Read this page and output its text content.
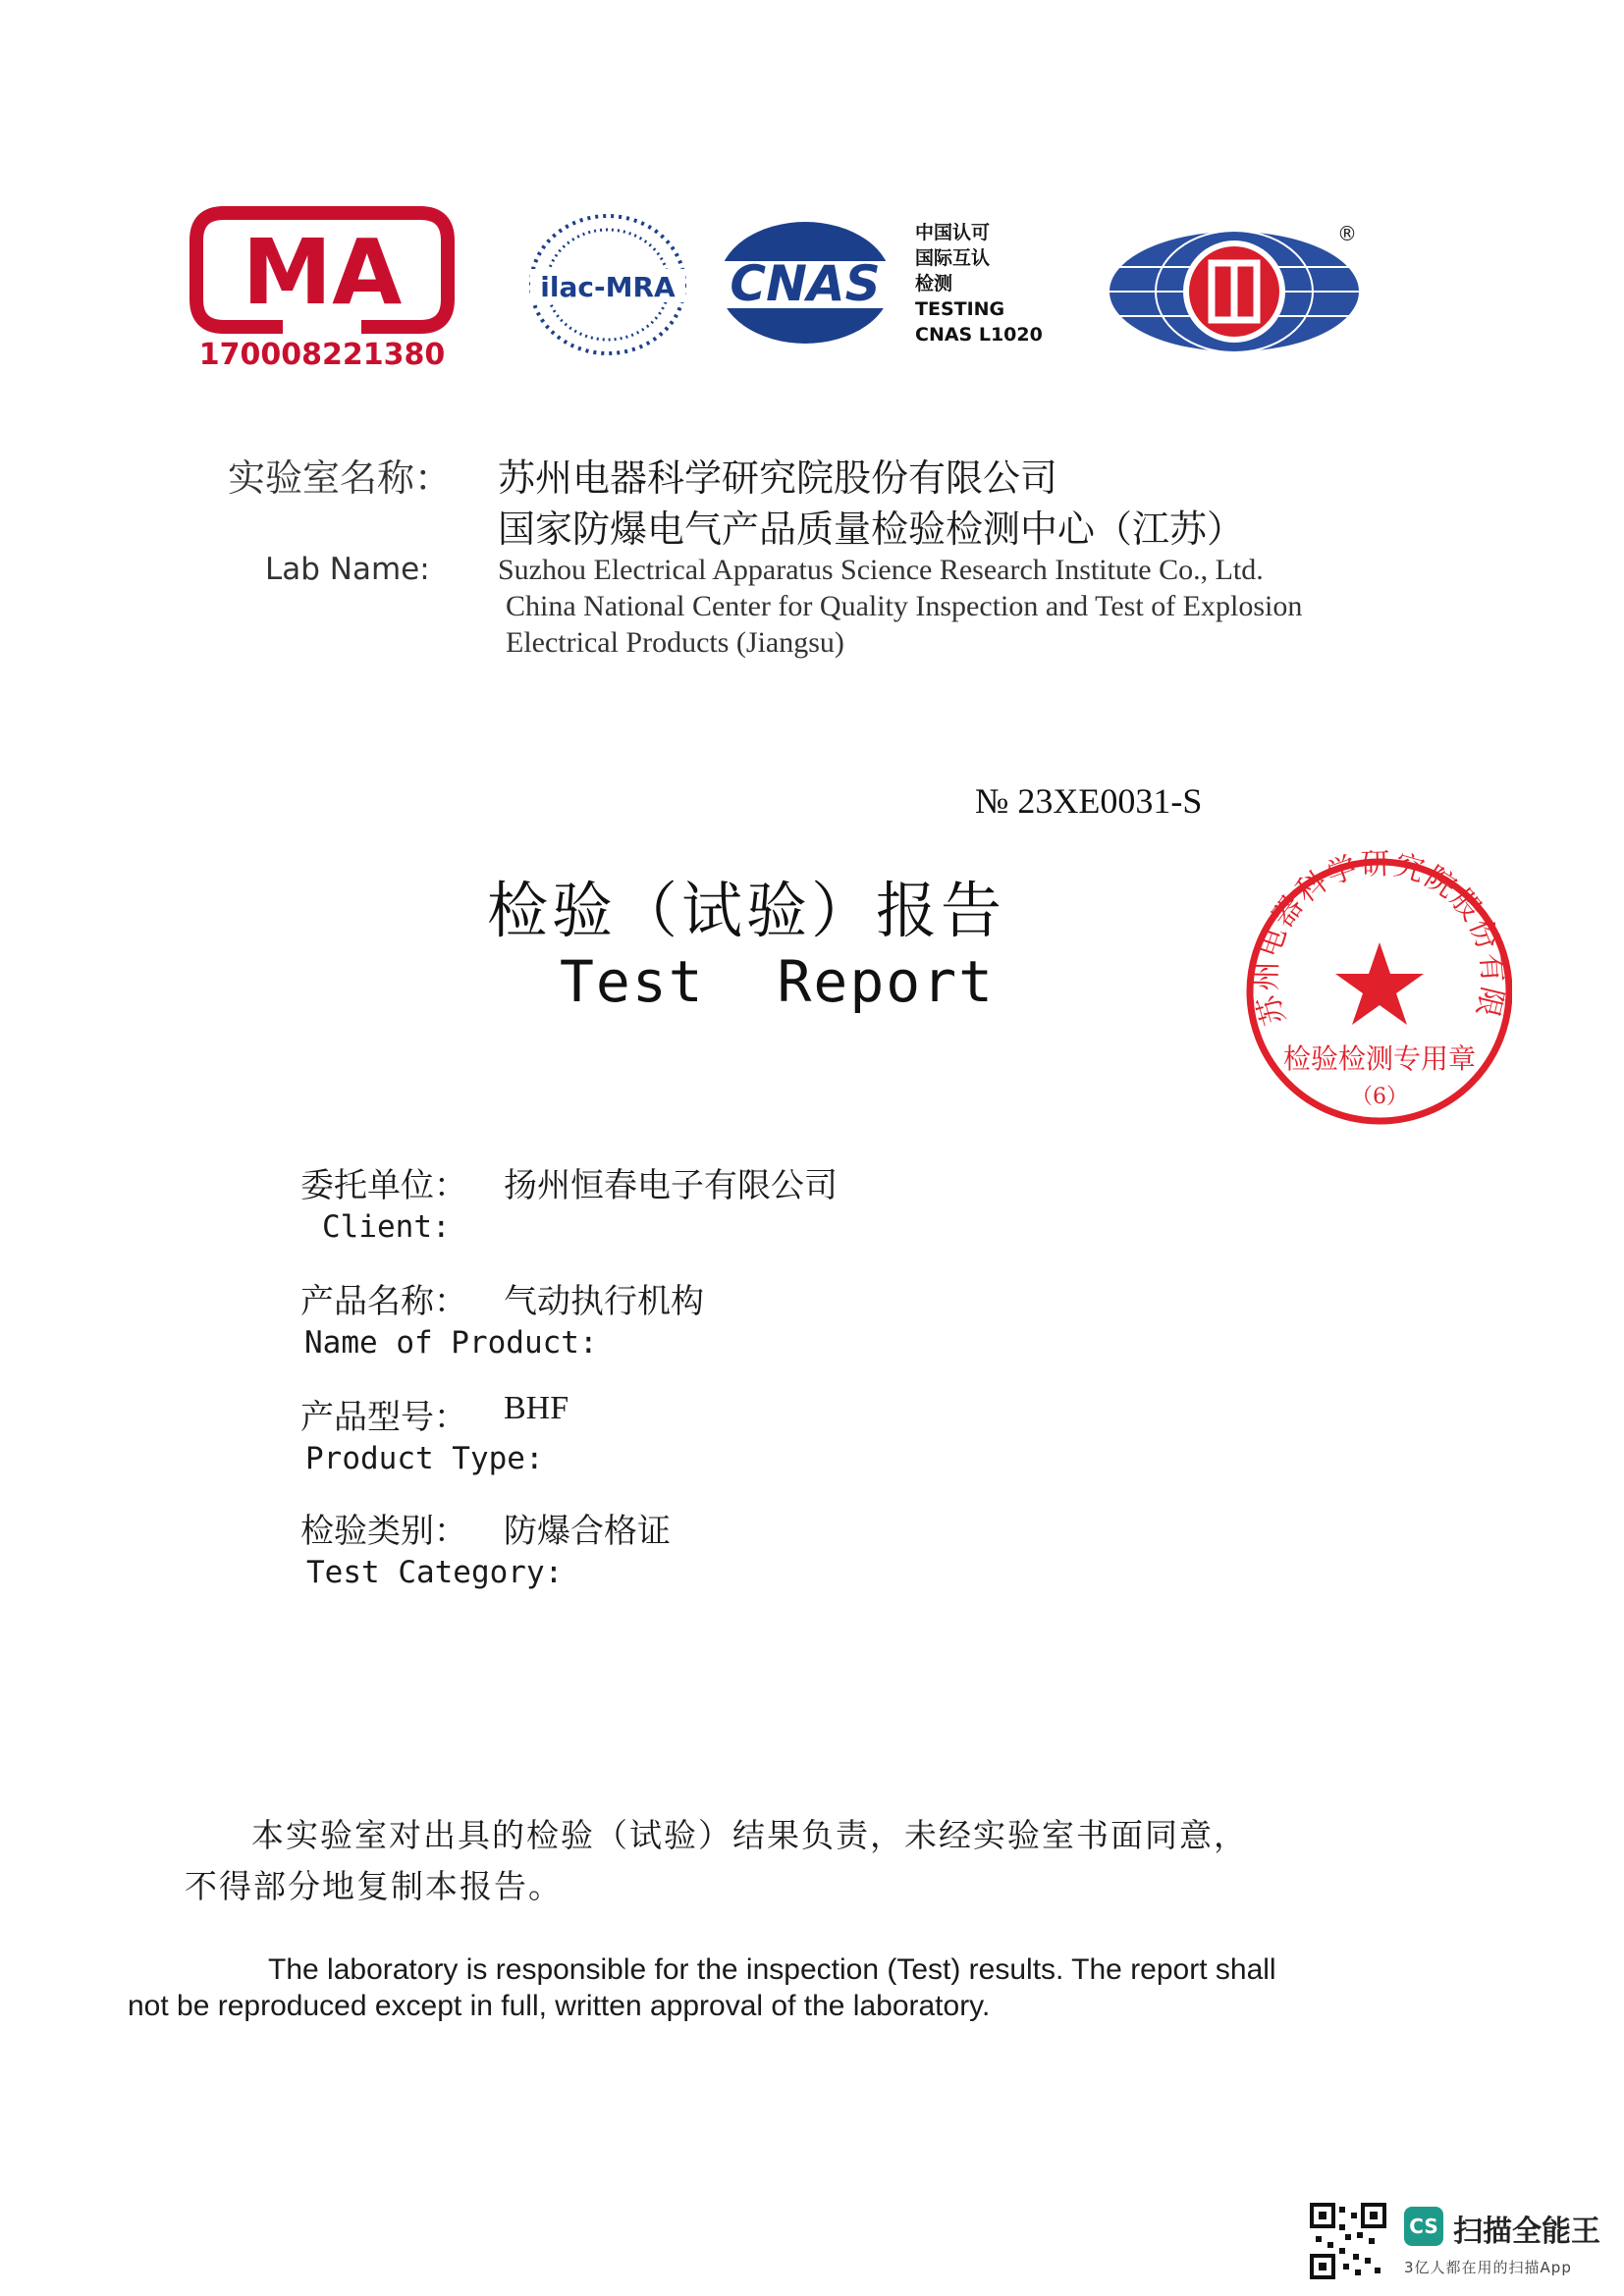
MA
170008221380
ilac-MRA CNAS
中国认可
国际互认
检测
TESTING
CNAS L1020
®
实验室名称： 苏州电器科学研究院股份有限公司
国家防爆电气产品质量检验检测中心（江苏）
Lab Name: Suzhou Electrical Apparatus Science Research Institute Co., Ltd.
China National Center for Quality Inspection and Test of Explosion
Electrical Products (Jiangsu)
№ 23XE0031-S
检验（试验）报告
Test  Report	苏州电器科学研究院股份有限
检验检测专用章
（6）
委托单位： 扬州恒春电子有限公司
Client:
产品名称： 气动执行机构
Name of Product:
产品型号： BHF
Product Type:
检验类别： 防爆合格证
Test Category:
本实验室对出具的检验（试验）结果负责，未经实验室书面同意，
不得部分地复制本报告。
The laboratory is responsible for the inspection (Test) results. The report shall
not be reproduced except in full, written approval of the laboratory.
CS 扫描全能王
3亿人都在用的扫描App
